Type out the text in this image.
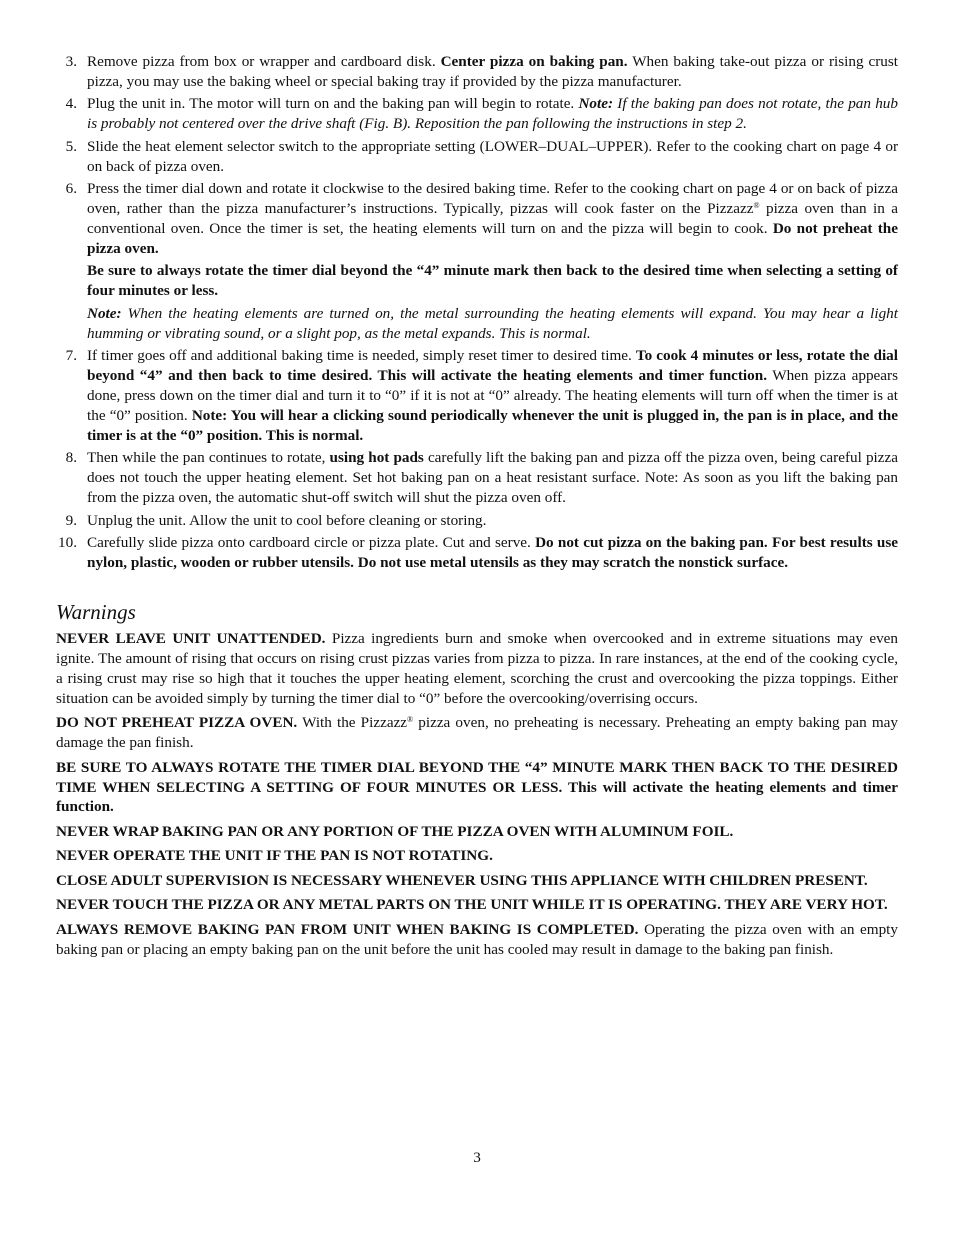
3. Remove pizza from box or wrapper and cardboard disk. Center pizza on baking pan. When baking take-out pizza or rising crust pizza, you may use the baking wheel or special baking tray if provided by the pizza manufacturer.

4. Plug the unit in. The motor will turn on and the baking pan will begin to rotate. Note: If the baking pan does not rotate, the pan hub is probably not centered over the drive shaft (Fig. B). Reposition the pan following the instructions in step 2.

5. Slide the heat element selector switch to the appropriate setting (LOWER–DUAL–UPPER). Refer to the cooking chart on page 4 or on back of pizza oven.

6. Press the timer dial down and rotate it clockwise to the desired baking time. Refer to the cooking chart on page 4 or on back of pizza oven, rather than the pizza manufacturer’s instructions. Typically, pizzas will cook faster on the Pizzazz® pizza oven than in a conventional oven. Once the timer is set, the heating elements will turn on and the pizza will begin to cook. Do not preheat the pizza oven.

Be sure to always rotate the timer dial beyond the “4” minute mark then back to the desired time when selecting a setting of four minutes or less.

Note: When the heating elements are turned on, the metal surrounding the heating elements will expand. You may hear a light humming or vibrating sound, or a slight pop, as the metal expands. This is normal.

7. If timer goes off and additional baking time is needed, simply reset timer to desired time. To cook 4 minutes or less, rotate the dial beyond “4” and then back to time desired. This will activate the heating elements and timer function. When pizza appears done, press down on the timer dial and turn it to “0” if it is not at “0” already. The heating elements will turn off when the timer is at the “0” position. Note: You will hear a clicking sound periodically whenever the unit is plugged in, the pan is in place, and the timer is at the “0” position. This is normal.

8. Then while the pan continues to rotate, using hot pads carefully lift the baking pan and pizza off the pizza oven, being careful pizza does not touch the upper heating element. Set hot baking pan on a heat resistant surface. Note: As soon as you lift the baking pan from the pizza oven, the automatic shut-off switch will shut the pizza oven off.

9. Unplug the unit. Allow the unit to cool before cleaning or storing.

10. Carefully slide pizza onto cardboard circle or pizza plate. Cut and serve. Do not cut pizza on the baking pan. For best results use nylon, plastic, wooden or rubber utensils. Do not use metal utensils as they may scratch the nonstick surface.

Warnings

NEVER LEAVE UNIT UNATTENDED. Pizza ingredients burn and smoke when overcooked and in extreme situations may even ignite. The amount of rising that occurs on rising crust pizzas varies from pizza to pizza. In rare instances, at the end of the cooking cycle, a rising crust may rise so high that it touches the upper heating element, scorching the crust and overcooking the pizza toppings. Either situation can be avoided simply by turning the timer dial to “0” before the overcooking/overrising occurs.

DO NOT PREHEAT PIZZA OVEN. With the Pizzazz® pizza oven, no preheating is necessary. Preheating an empty baking pan may damage the pan finish.

BE SURE TO ALWAYS ROTATE THE TIMER DIAL BEYOND THE “4” MINUTE MARK THEN BACK TO THE DESIRED TIME WHEN SELECTING A SETTING OF FOUR MINUTES OR LESS. This will activate the heating elements and timer function.

NEVER WRAP BAKING PAN OR ANY PORTION OF THE PIZZA OVEN WITH ALUMINUM FOIL.

NEVER OPERATE THE UNIT IF THE PAN IS NOT ROTATING.

CLOSE ADULT SUPERVISION IS NECESSARY WHENEVER USING THIS APPLIANCE WITH CHILDREN PRESENT.

NEVER TOUCH THE PIZZA OR ANY METAL PARTS ON THE UNIT WHILE IT IS OPERATING. THEY ARE VERY HOT.

ALWAYS REMOVE BAKING PAN FROM UNIT WHEN BAKING IS COMPLETED. Operating the pizza oven with an empty baking pan or placing an empty baking pan on the unit before the unit has cooled may result in damage to the baking pan finish.

3
